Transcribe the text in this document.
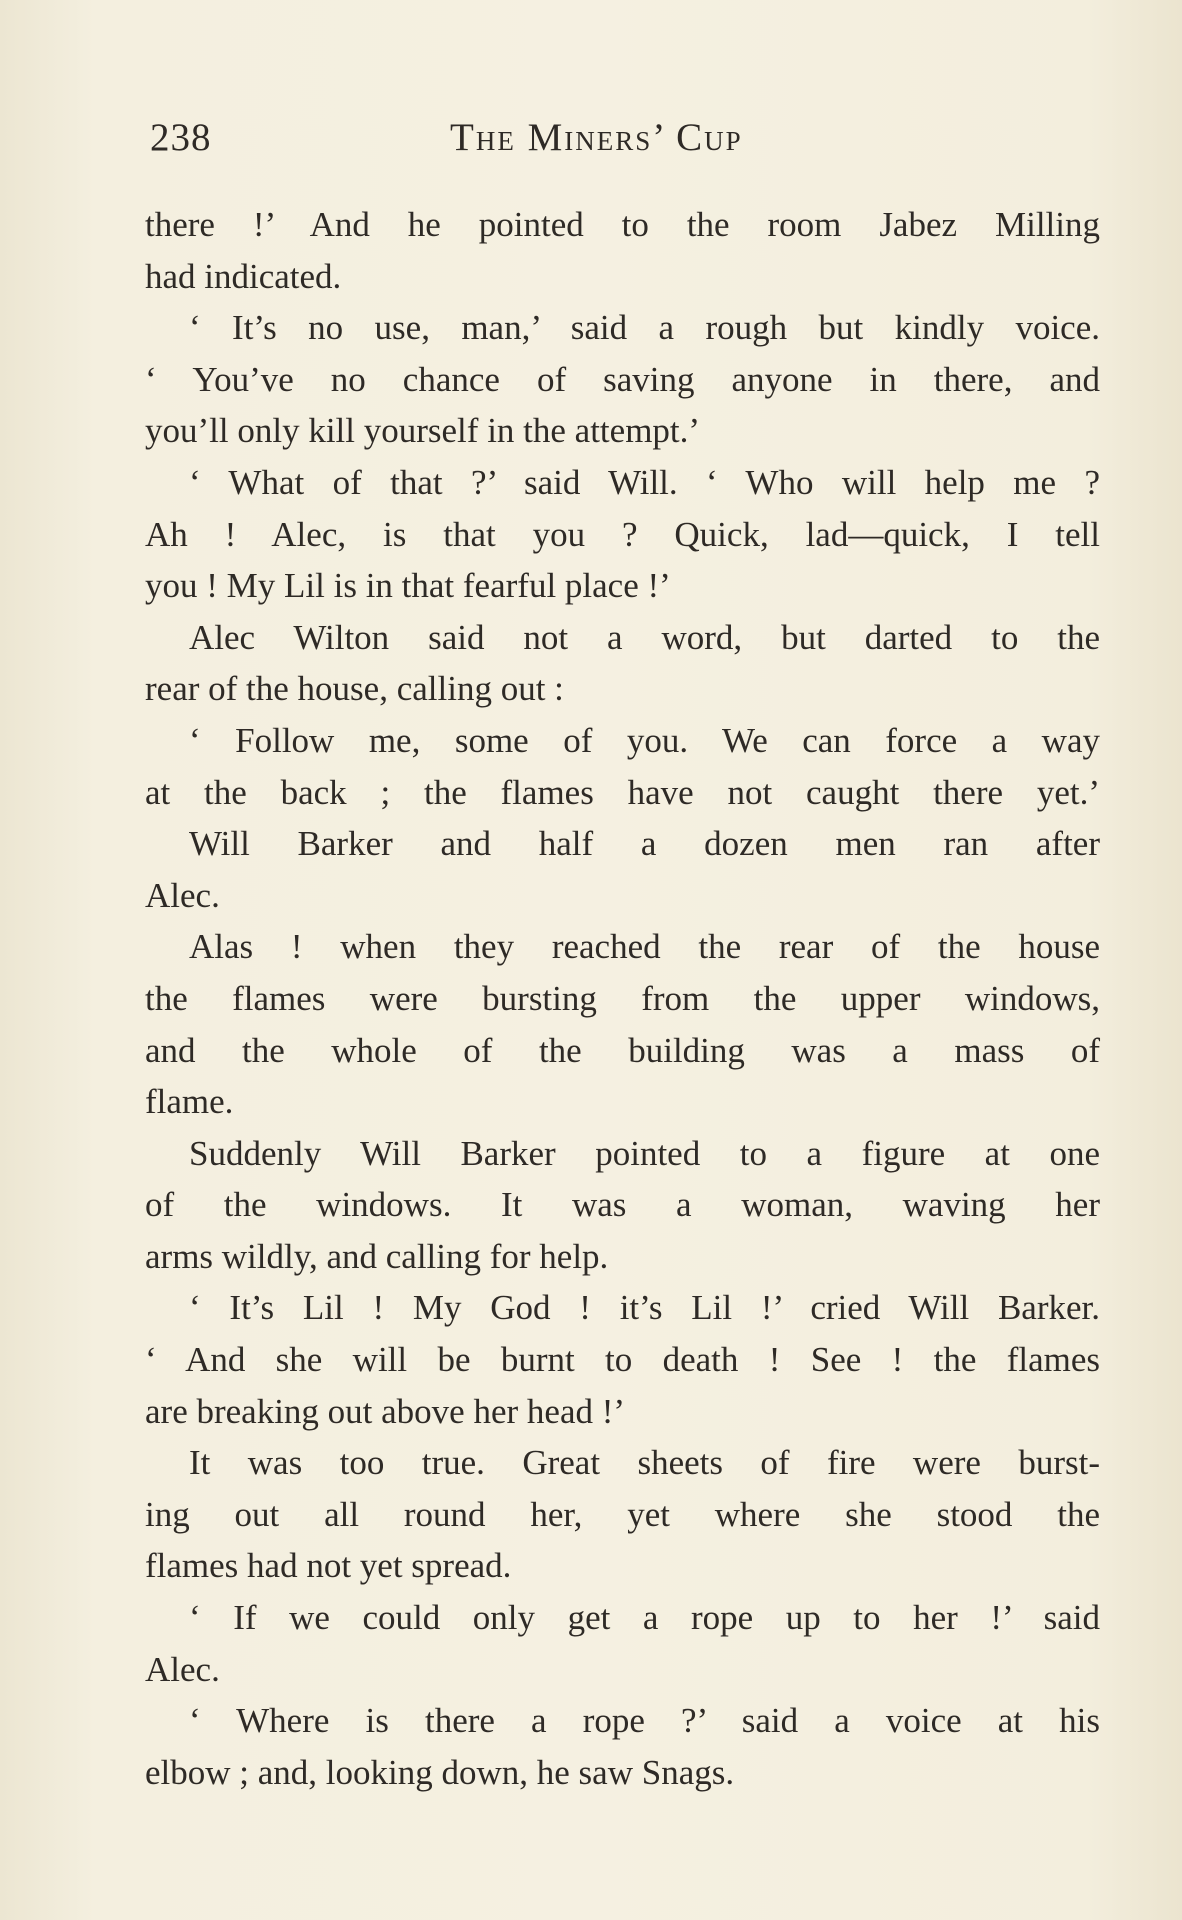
238	The Miners’ Cup
there !’ And he pointed to the room Jabez Milling
had indicated.
‘ It’s no use, man,’ said a rough but kindly voice.
‘ You’ve no chance of saving anyone in there, and
you’ll only kill yourself in the attempt.’
‘ What of that ?’ said Will. ‘ Who will help me ?
Ah ! Alec, is that you ? Quick, lad—quick, I tell
you ! My Lil is in that fearful place !’
Alec Wilton said not a word, but darted to the
rear of the house, calling out :
‘ Follow me, some of you. We can force a way
at the back ; the flames have not caught there yet.’
Will Barker and half a dozen men ran after
Alec.
Alas ! when they reached the rear of the house
the flames were bursting from the upper windows,
and the whole of the building was a mass of
flame.
Suddenly Will Barker pointed to a figure at one
of the windows. It was a woman, waving her
arms wildly, and calling for help.
‘ It’s Lil ! My God ! it’s Lil !’ cried Will Barker.
‘ And she will be burnt to death ! See ! the flames
are breaking out above her head !’
It was too true. Great sheets of fire were burst-
ing out all round her, yet where she stood the
flames had not yet spread.
‘ If we could only get a rope up to her !’ said
Alec.
‘ Where is there a rope ?’ said a voice at his
elbow ; and, looking down, he saw Snags.
